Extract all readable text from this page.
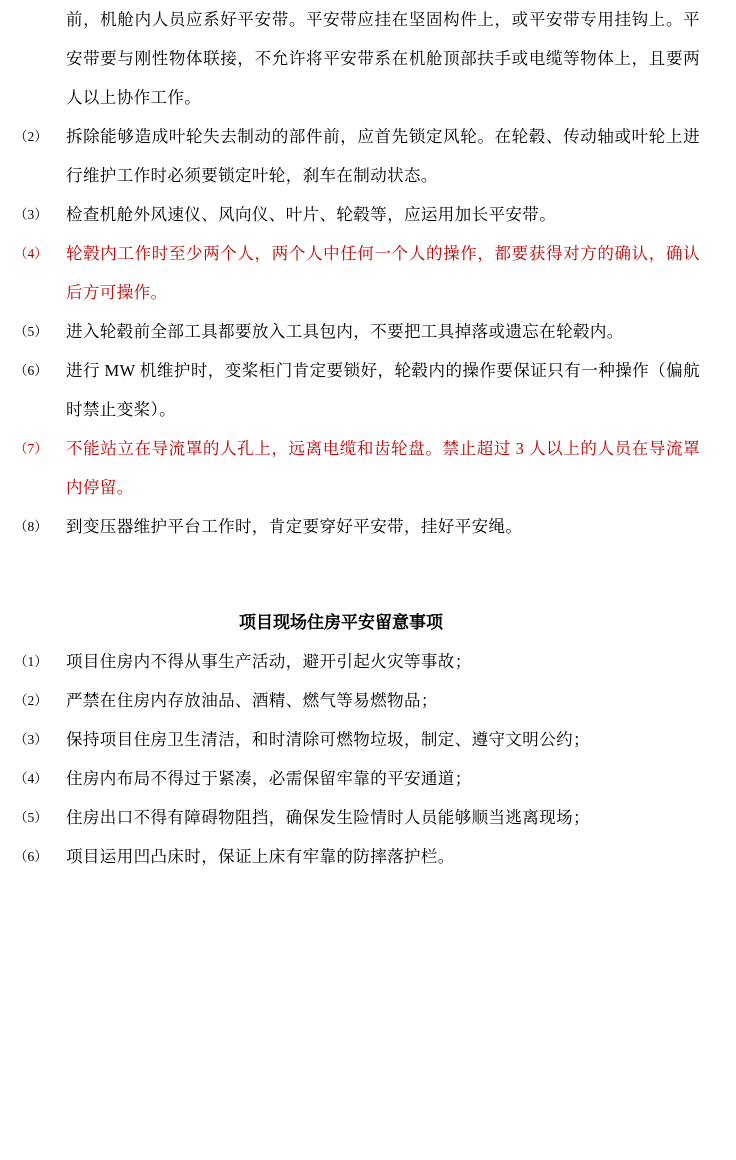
前，机舱内人员应系好平安带。平安带应挂在坚固构件上，或平安带专用挂钩上。平安带要与刚性物体联接，不允许将平安带系在机舱顶部扶手或电缆等物体上，且要两人以上协作工作。

（2）	拆除能够造成叶轮失去制动的部件前，应首先锁定风轮。在轮毂、传动轴或叶轮上进行维护工作时必须要锁定叶轮，刹车在制动状态。
（3）	检查机舱外风速仪、风向仪、叶片、轮毂等，应运用加长平安带。
（4）	轮毂内工作时至少两个人，两个人中任何一个人的操作，都要获得对方的确认，确认后方可操作。
（5）	进入轮毂前全部工具都要放入工具包内，不要把工具掉落或遗忘在轮毂内。
（6）	进行 MW 机维护时，变桨柜门肯定要锁好，轮毂内的操作要保证只有一种操作（偏航时禁止变桨）。
（7）	不能站立在导流罩的人孔上，远离电缆和齿轮盘。禁止超过 3 人以上的人员在导流罩内停留。
（8）	到变压器维护平台工作时，肯定要穿好平安带，挂好平安绳。

项目现场住房平安留意事项

（1）	项目住房内不得从事生产活动，避开引起火灾等事故；
（2）	严禁在住房内存放油品、酒精、燃气等易燃物品；
（3）	保持项目住房卫生清洁，和时清除可燃物垃圾，制定、遵守文明公约；
（4）	住房内布局不得过于紧凑，必需保留牢靠的平安通道；
（5）	住房出口不得有障碍物阻挡，确保发生险情时人员能够顺当逃离现场；
（6）	项目运用凹凸床时，保证上床有牢靠的防摔落护栏。
